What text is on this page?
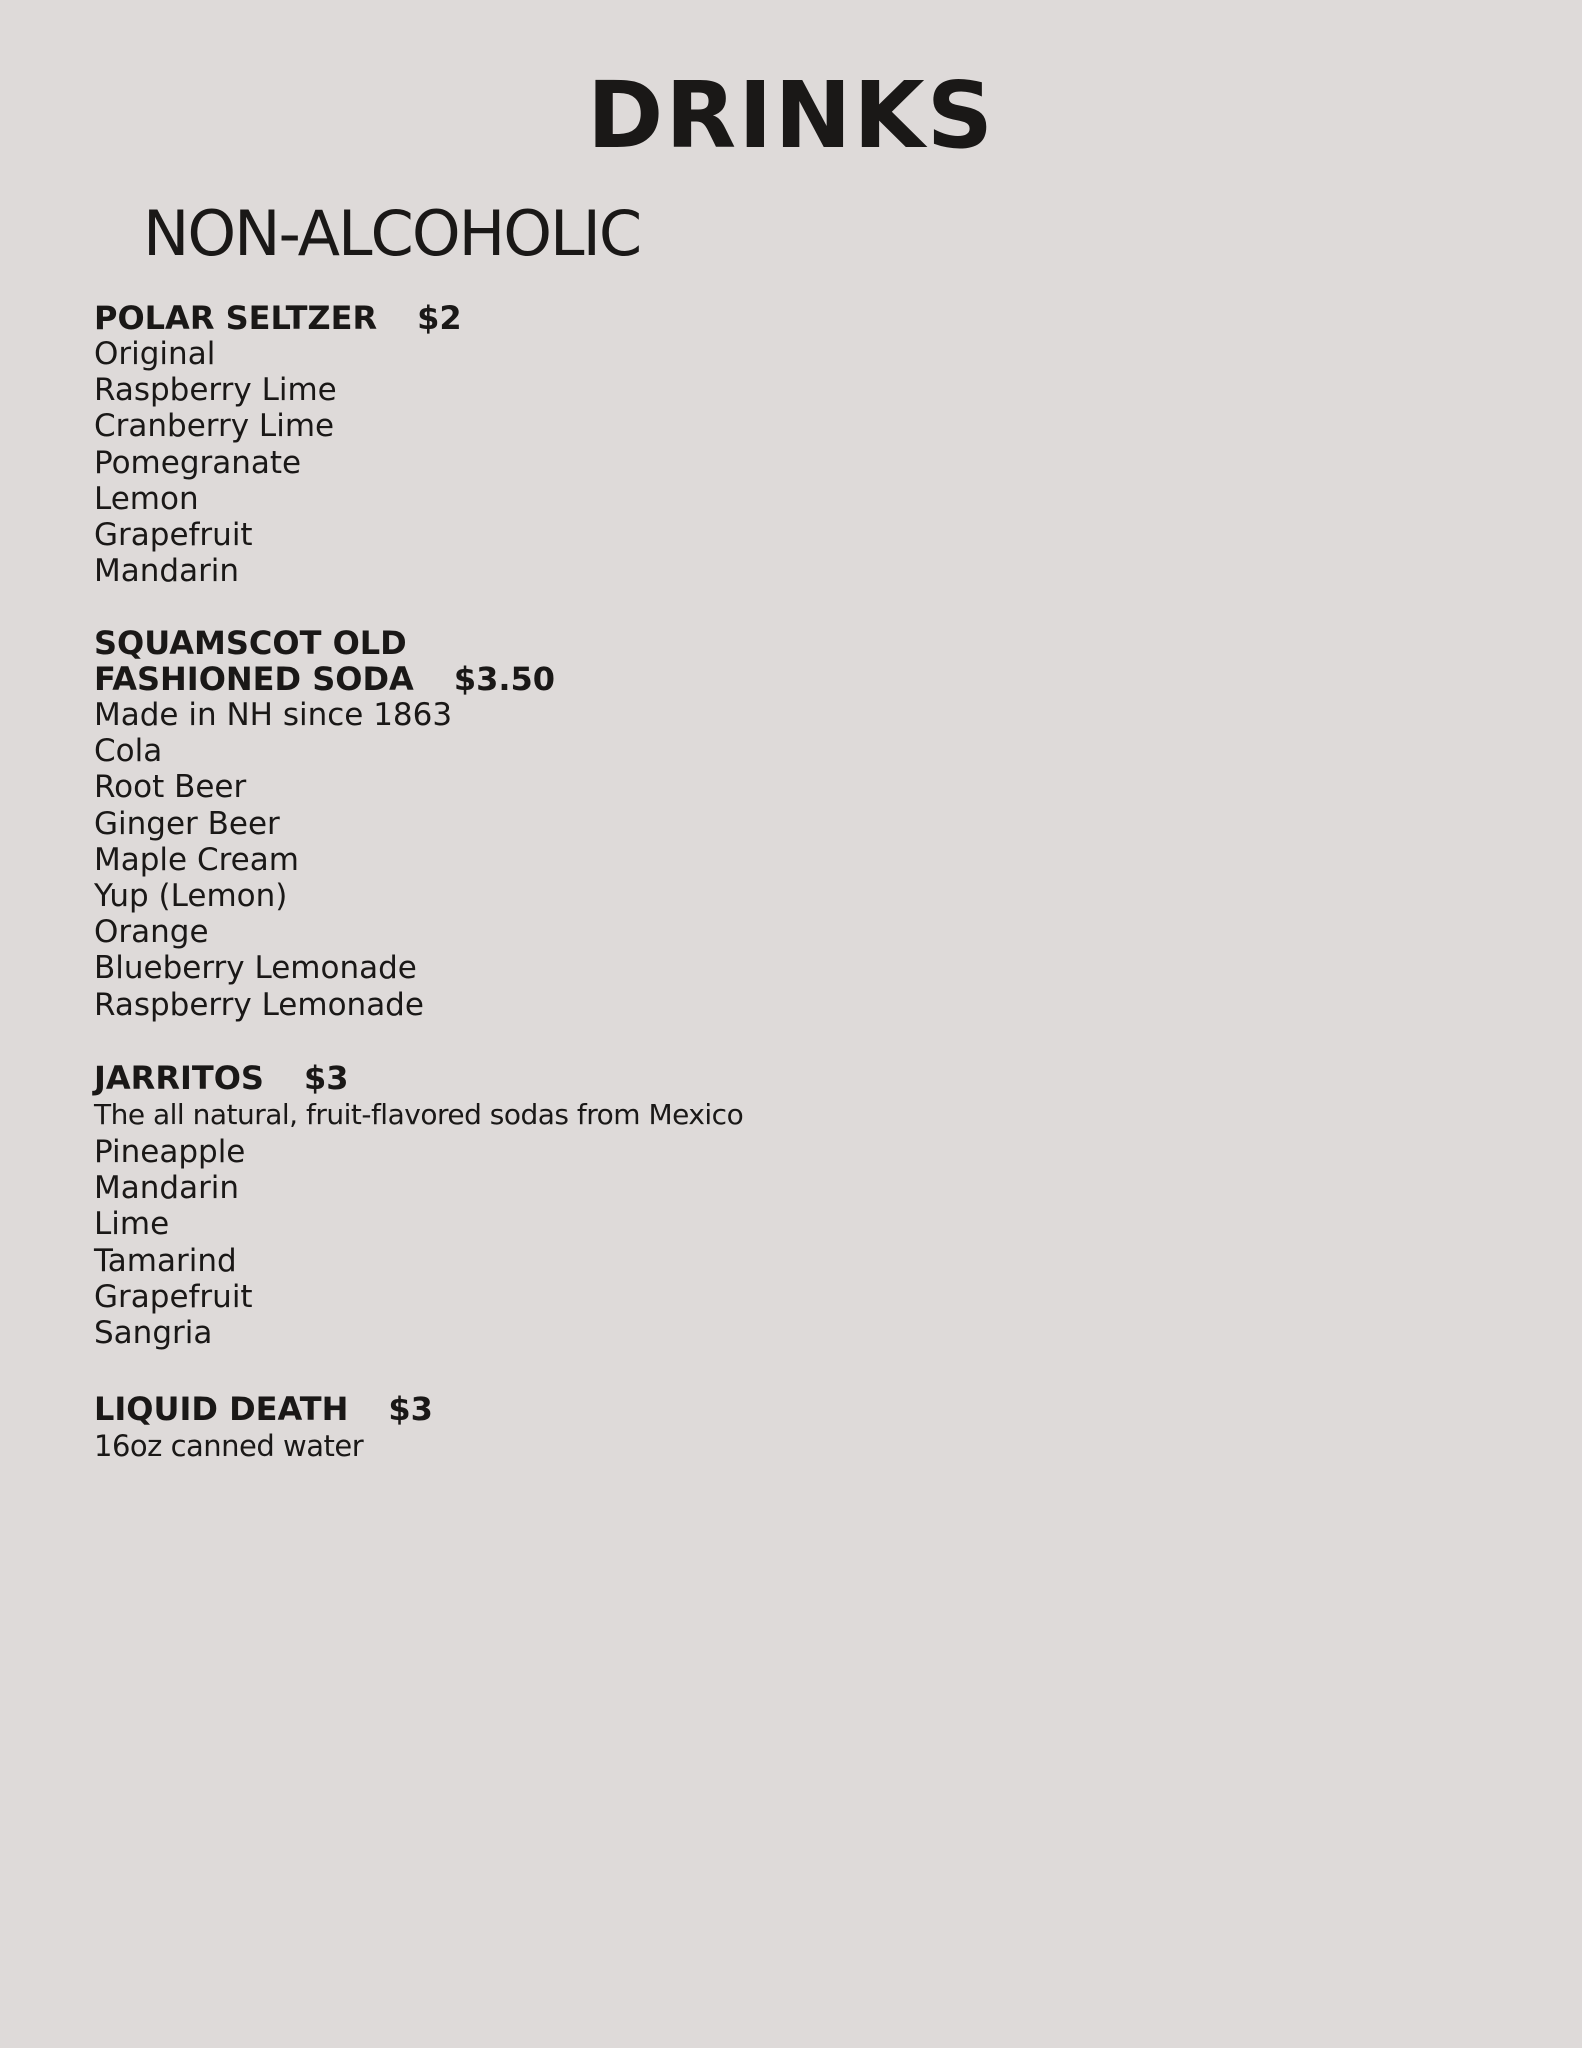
DRINKS
NON-ALCOHOLIC
POLAR SELTZER $2

Original

Raspberry Lime

Cranberry Lime

Pomegranate

Lemon

Grapefruit

Mandarin

SQUAMSCOT OLD
FASHIONED SODA $3.50

Made in NH since 1863

Cola

Root Beer

Ginger Beer

Maple Cream

Yup (Lemon)

Orange

Blueberry Lemonade

Raspberry Lemonade

JARRITOS $3

The all natural, fruit-flavored sodas from Mexico

Pineapple

Mandarin

Lime

Tamarind

Grapefruit

Sangria

LIQUID DEATH $3

16oz canned water
